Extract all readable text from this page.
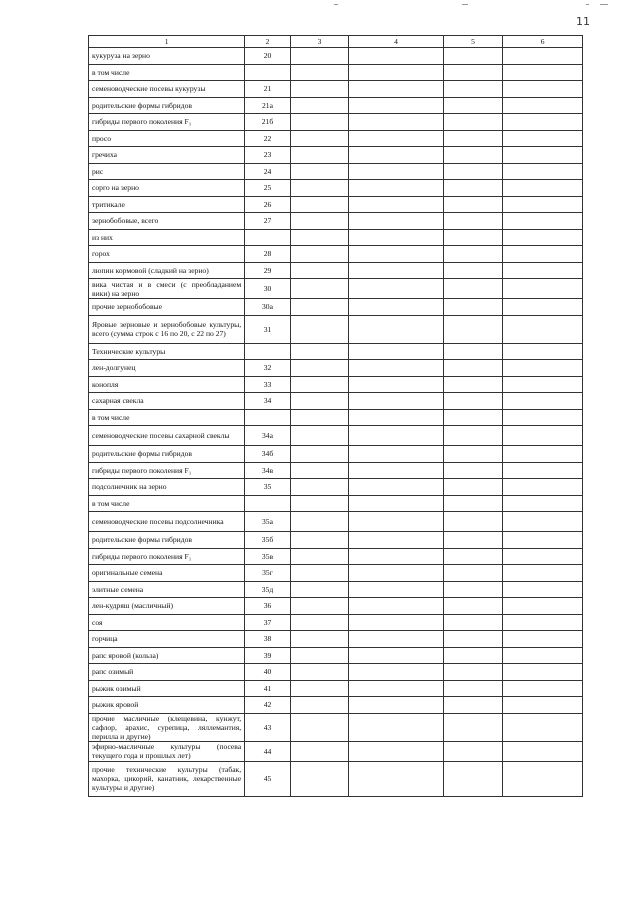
11
1	2	3	4	5	6
кукуруза на зерно	20				
в том числе					
семеноводческие посевы кукурузы	21				
родительские формы гибридов	21а				
гибриды первого поколения F₁	21б				
просо	22				
гречиха	23				
рис	24				
сорго на зерно	25				
тритикале	26				
зернобобовые, всего	27				
из них					
горох	28				
люпин кормовой (сладкий на зерно)	29				
вика чистая и в смеси (с преобладанием вики) на зерно	30				
прочие зернобобовые	30а				
Яровые зерновые и зернобобовые культуры, всего (сумма строк с 16 по 20, с 22 по 27)	31				
Технические культуры					
лен-долгунец	32				
конопля	33				
сахарная свекла	34				
в том числе					
семеноводческие посевы сахарной свеклы	34а				
родительские формы гибридов	34б				
гибриды первого поколения F₁	34в				
подсолнечник на зерно	35				
в том числе					
семеноводческие посевы подсолнечника	35а				
родительские формы гибридов	35б				
гибриды первого поколения F₁	35в				
оригинальные семена	35г				
элитные семена	35д				
лен-кудряш (масличный)	36				
соя	37				
горчица	38				
рапс яровой (кольза)	39				
рапс озимый	40				
рыжик озимый	41				
рыжик яровой	42				
прочие масличные (клещевина, кунжут, сафлор, арахис, сурепица, ляллемантия, перилла и другие)	43				
эфирно-масличные культуры (посева текущего года и прошлых лет)	44				
прочие технические культуры (табак, махорка, цикорий, канатник, лекарственные культуры и другие)	45				
